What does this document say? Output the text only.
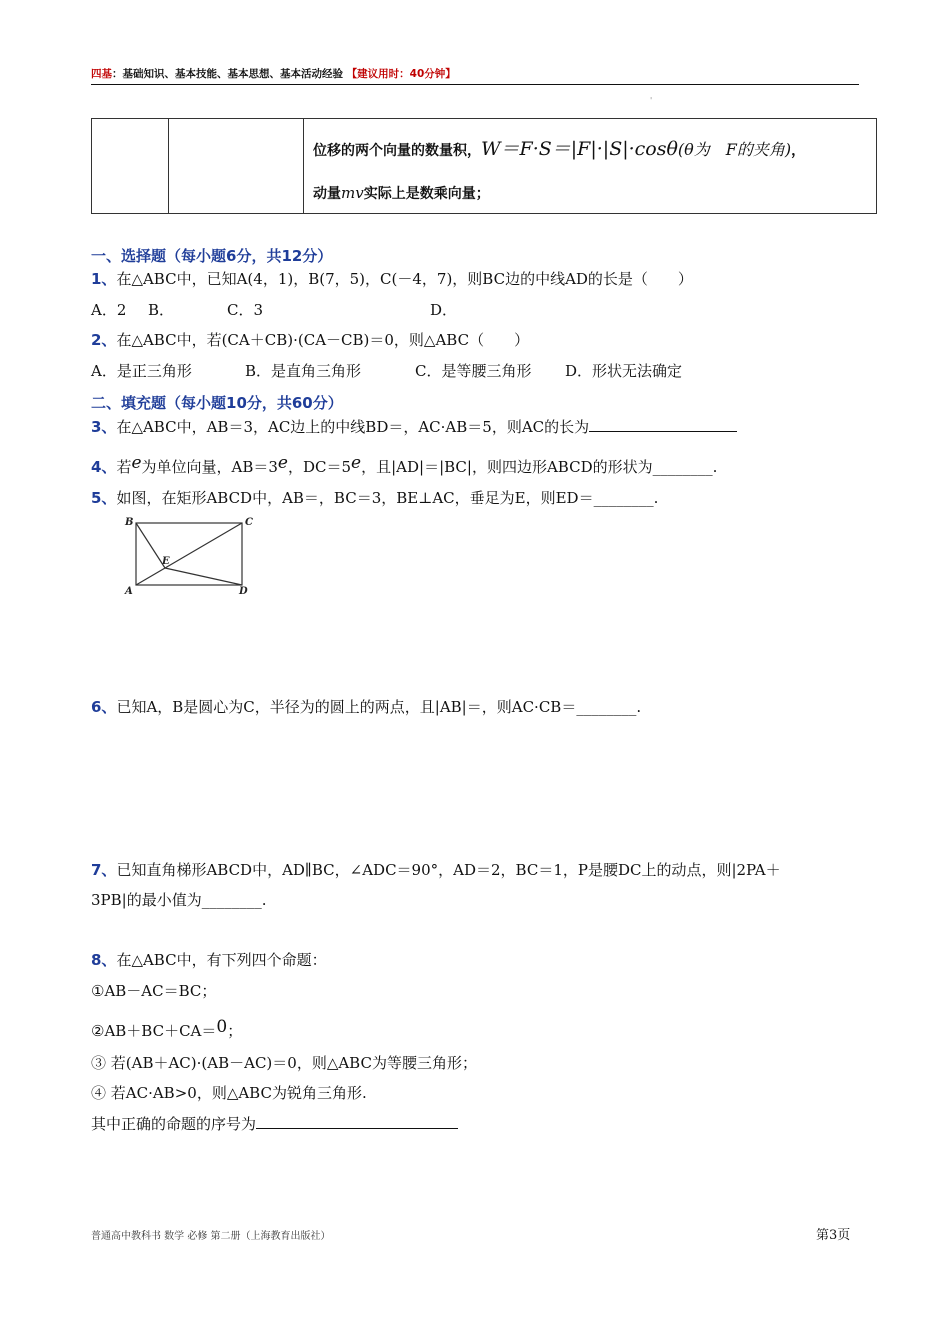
四基：基础知识、基本技能、基本思想、基本活动经验 【建议用时：40分钟】
'
位移的两个向量的数量积，W＝F·S＝|F|·|S|·cosθ(θ为　F的夹角)，
动量mv实际上是数乘向量；
一、选择题（每小题6分，共12分）
1、在△ABC中，已知A(4，1)，B(7，5)，C(－4，7)，则BC边的中线AD的长是（　　）
A．2 B．	C．3	D．
2、在△ABC中，若(CA＋CB)·(CA－CB)＝0，则△ABC（　　）
A．是正三角形	B．是直角三角形	C．是等腰三角形 D．形状无法确定
二、填充题（每小题10分，共60分）
3、在△ABC中，AB＝3，AC边上的中线BD＝，AC·AB＝5，则AC的长为
4、若e为单位向量，AB＝3e，DC＝5e，且|AD|＝|BC|，则四边形ABCD的形状为________.
5、如图，在矩形ABCD中，AB＝，BC＝3，BE⊥AC，垂足为E，则ED＝________.
B	C
A	D
E
6、已知A，B是圆心为C，半径为的圆上的两点，且|AB|＝，则AC·CB＝________.
7、已知直角梯形ABCD中，AD∥BC，∠ADC＝90°，AD＝2，BC＝1，P是腰DC上的动点，则|2PA＋
3PB|的最小值为________.
8、在△ABC中，有下列四个命题：
①AB－AC＝BC；
②AB＋BC＋CA＝0；
③ 若(AB＋AC)·(AB－AC)＝0，则△ABC为等腰三角形；
④ 若AC·AB>0，则△ABC为锐角三角形.
其中正确的命题的序号为
普通高中教科书 数学 必修 第二册（上海教育出版社）	第3页
